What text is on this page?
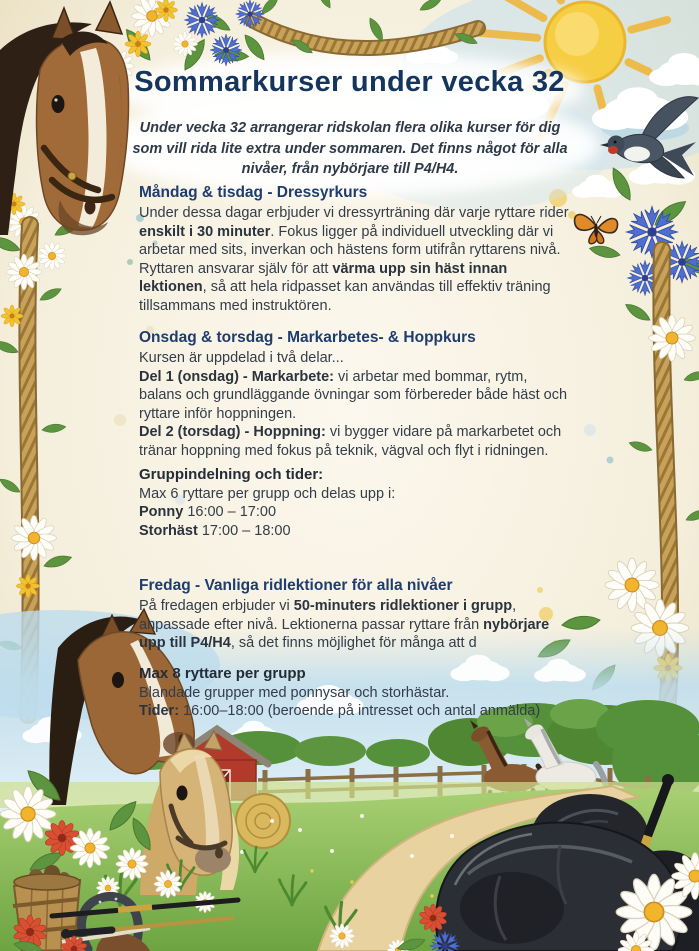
Sommarkurser under vecka 32

Under vecka 32 arrangerar ridskolan flera olika kurser för dig som vill rida lite extra under sommaren. Det finns något för alla nivåer, från nybörjare till P4/H4.

Måndag & tisdag - Dressyrkurs

Under dessa dagar erbjuder vi dressyrträning där varje ryttare rider enskilt i 30 minuter. Fokus ligger på individuell utveckling där vi arbetar med sits, inverkan och hästens form utifrån ryttarens nivå.

Ryttaren ansvarar själv för att värma upp sin häst innan lektionen, så att hela ridpasset kan användas till effektiv träning tillsammans med instruktören.

Onsdag & torsdag - Markarbetes- & Hoppkurs

Kursen är uppdelad i två delar...

Del 1 (onsdag) - Markarbete: vi arbetar med bommar, rytm, balans och grundläggande övningar som förbereder både häst och ryttare inför hoppningen.

Del 2 (torsdag) - Hoppning: vi bygger vidare på markarbetet och tränar hoppning med fokus på teknik, vägval och flyt i ridningen.

Gruppindelning och tider:

Max 6 ryttare per grupp och delas upp i:

Ponny 16:00 – 17:00

Storhäst 17:00 – 18:00

Fredag - Vanliga ridlektioner för alla nivåer

På fredagen erbjuder vi 50-minuters ridlektioner i grupp, anpassade efter nivå. Lektionerna passar ryttare från nybörjare upp till P4/H4, så det finns möjlighet för många att d

Max 8 ryttare per grupp

Blandade grupper med ponnysar och storhästar.

Tider: 16:00–18:00 (beroende på intresset och antal anmälda)
